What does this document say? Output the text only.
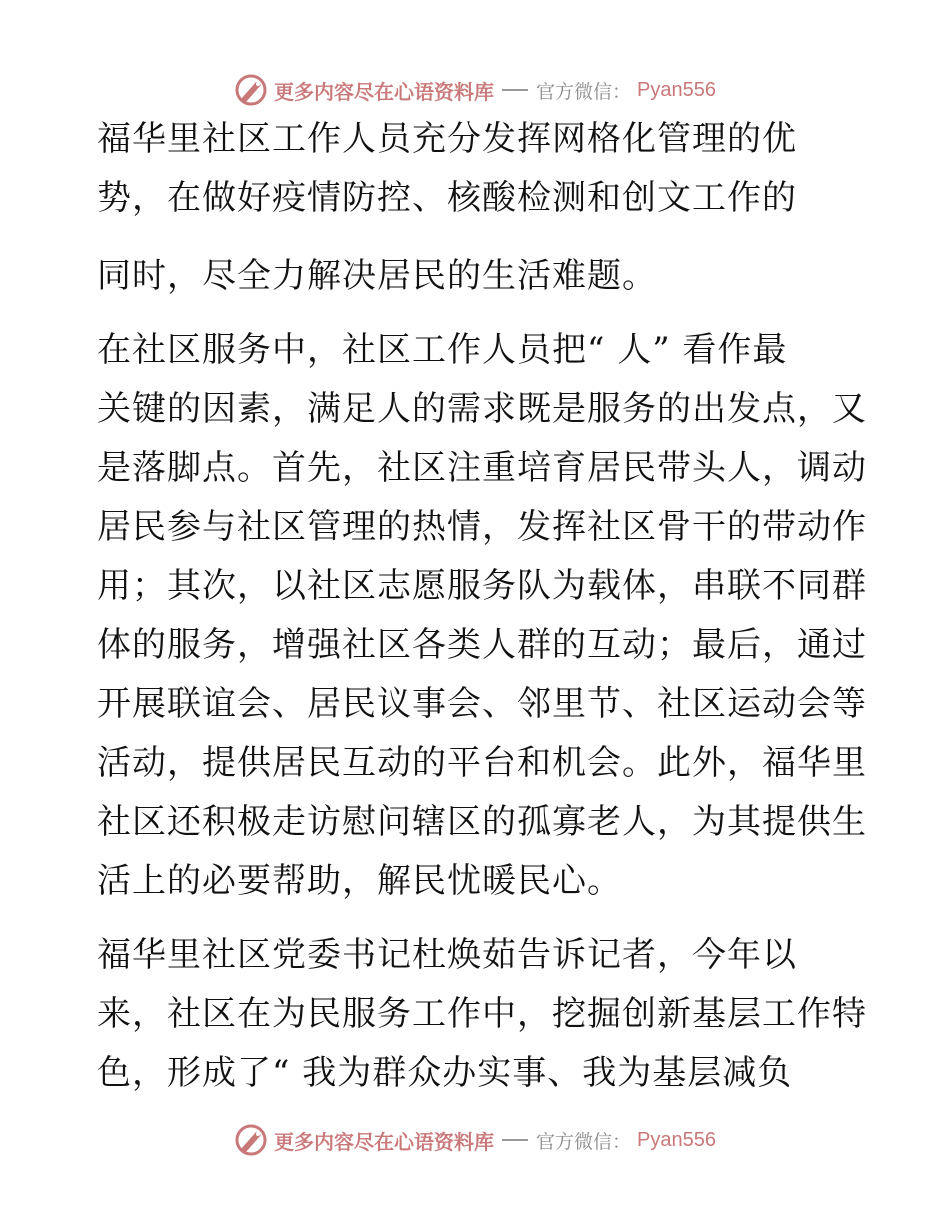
更多内容尽在心语资料库 官方微信： Pyan556
福华里社区工作人员充分发挥网格化管理的优
势，在做好疫情防控、核酸检测和创文工作的
同时，尽全力解决居民的生活难题。
在社区服务中，社区工作人员把“ 人” 看作最
关键的因素，满足人的需求既是服务的出发点，又
是落脚点。首先，社区注重培育居民带头人，调动
居民参与社区管理的热情，发挥社区骨干的带动作
用；其次，以社区志愿服务队为载体，串联不同群
体的服务，增强社区各类人群的互动；最后，通过
开展联谊会、居民议事会、邻里节、社区运动会等
活动，提供居民互动的平台和机会。此外，福华里
社区还积极走访慰问辖区的孤寡老人，为其提供生
活上的必要帮助，解民忧暖民心。
福华里社区党委书记杜焕茹告诉记者，今年以
来，社区在为民服务工作中，挖掘创新基层工作特
色，形成了“ 我为群众办实事、我为基层减负
更多内容尽在心语资料库 官方微信： Pyan556
